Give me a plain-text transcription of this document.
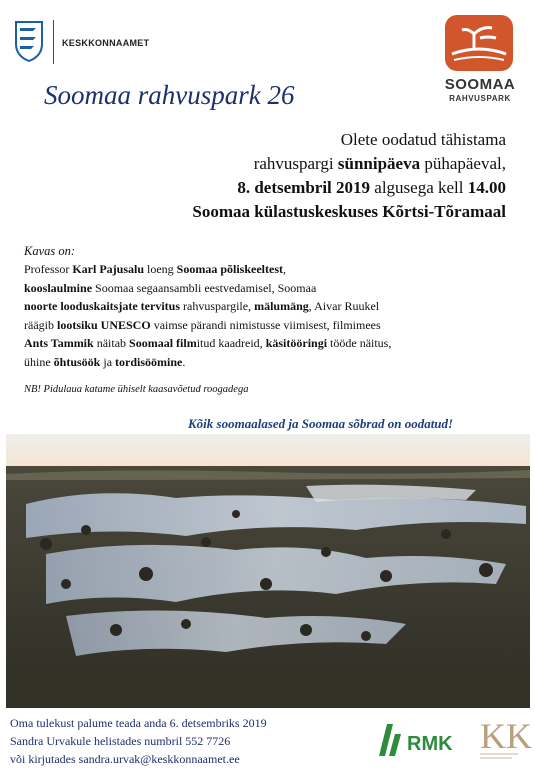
KESKKONNAAMET
SOOMAA
RAHVUSPARK
Soomaa rahvuspark 26
Olete oodatud tähistama
rahvuspargi sünnipäeva pühapäeval,
8. detsembril 2019 algusega kell 14.00
Soomaa külastuskeskuses Kõrtsi-Tõramaal
Kavas on:
Professor Karl Pajusalu loeng Soomaa põliskeeltest,
kooslaulmine Soomaa segaansambli eestvedamisel, Soomaa
noorte looduskaitsjate tervitus rahvuspargile, mälumäng, Aivar Ruukel
räägib lootsiku UNESCO vaimse pärandi nimistusse viimisest, filmimees
Ants Tammik näitab Soomaal filmitud kaadreid, käsitööringi tööde näitus,
ühine õhtusöök ja tordisöömine.
NB! Pidulaua katame ühiselt kaasavõetud roogadega
Kõik soomaalased ja Soomaa sõbrad on oodatud!
Oma tulekust palume teada anda 6. detsembriks 2019
Sandra Urvakule helistades numbril 552 7726
või kirjutades sandra.urvak@keskkonnaamet.ee
RMK KK
